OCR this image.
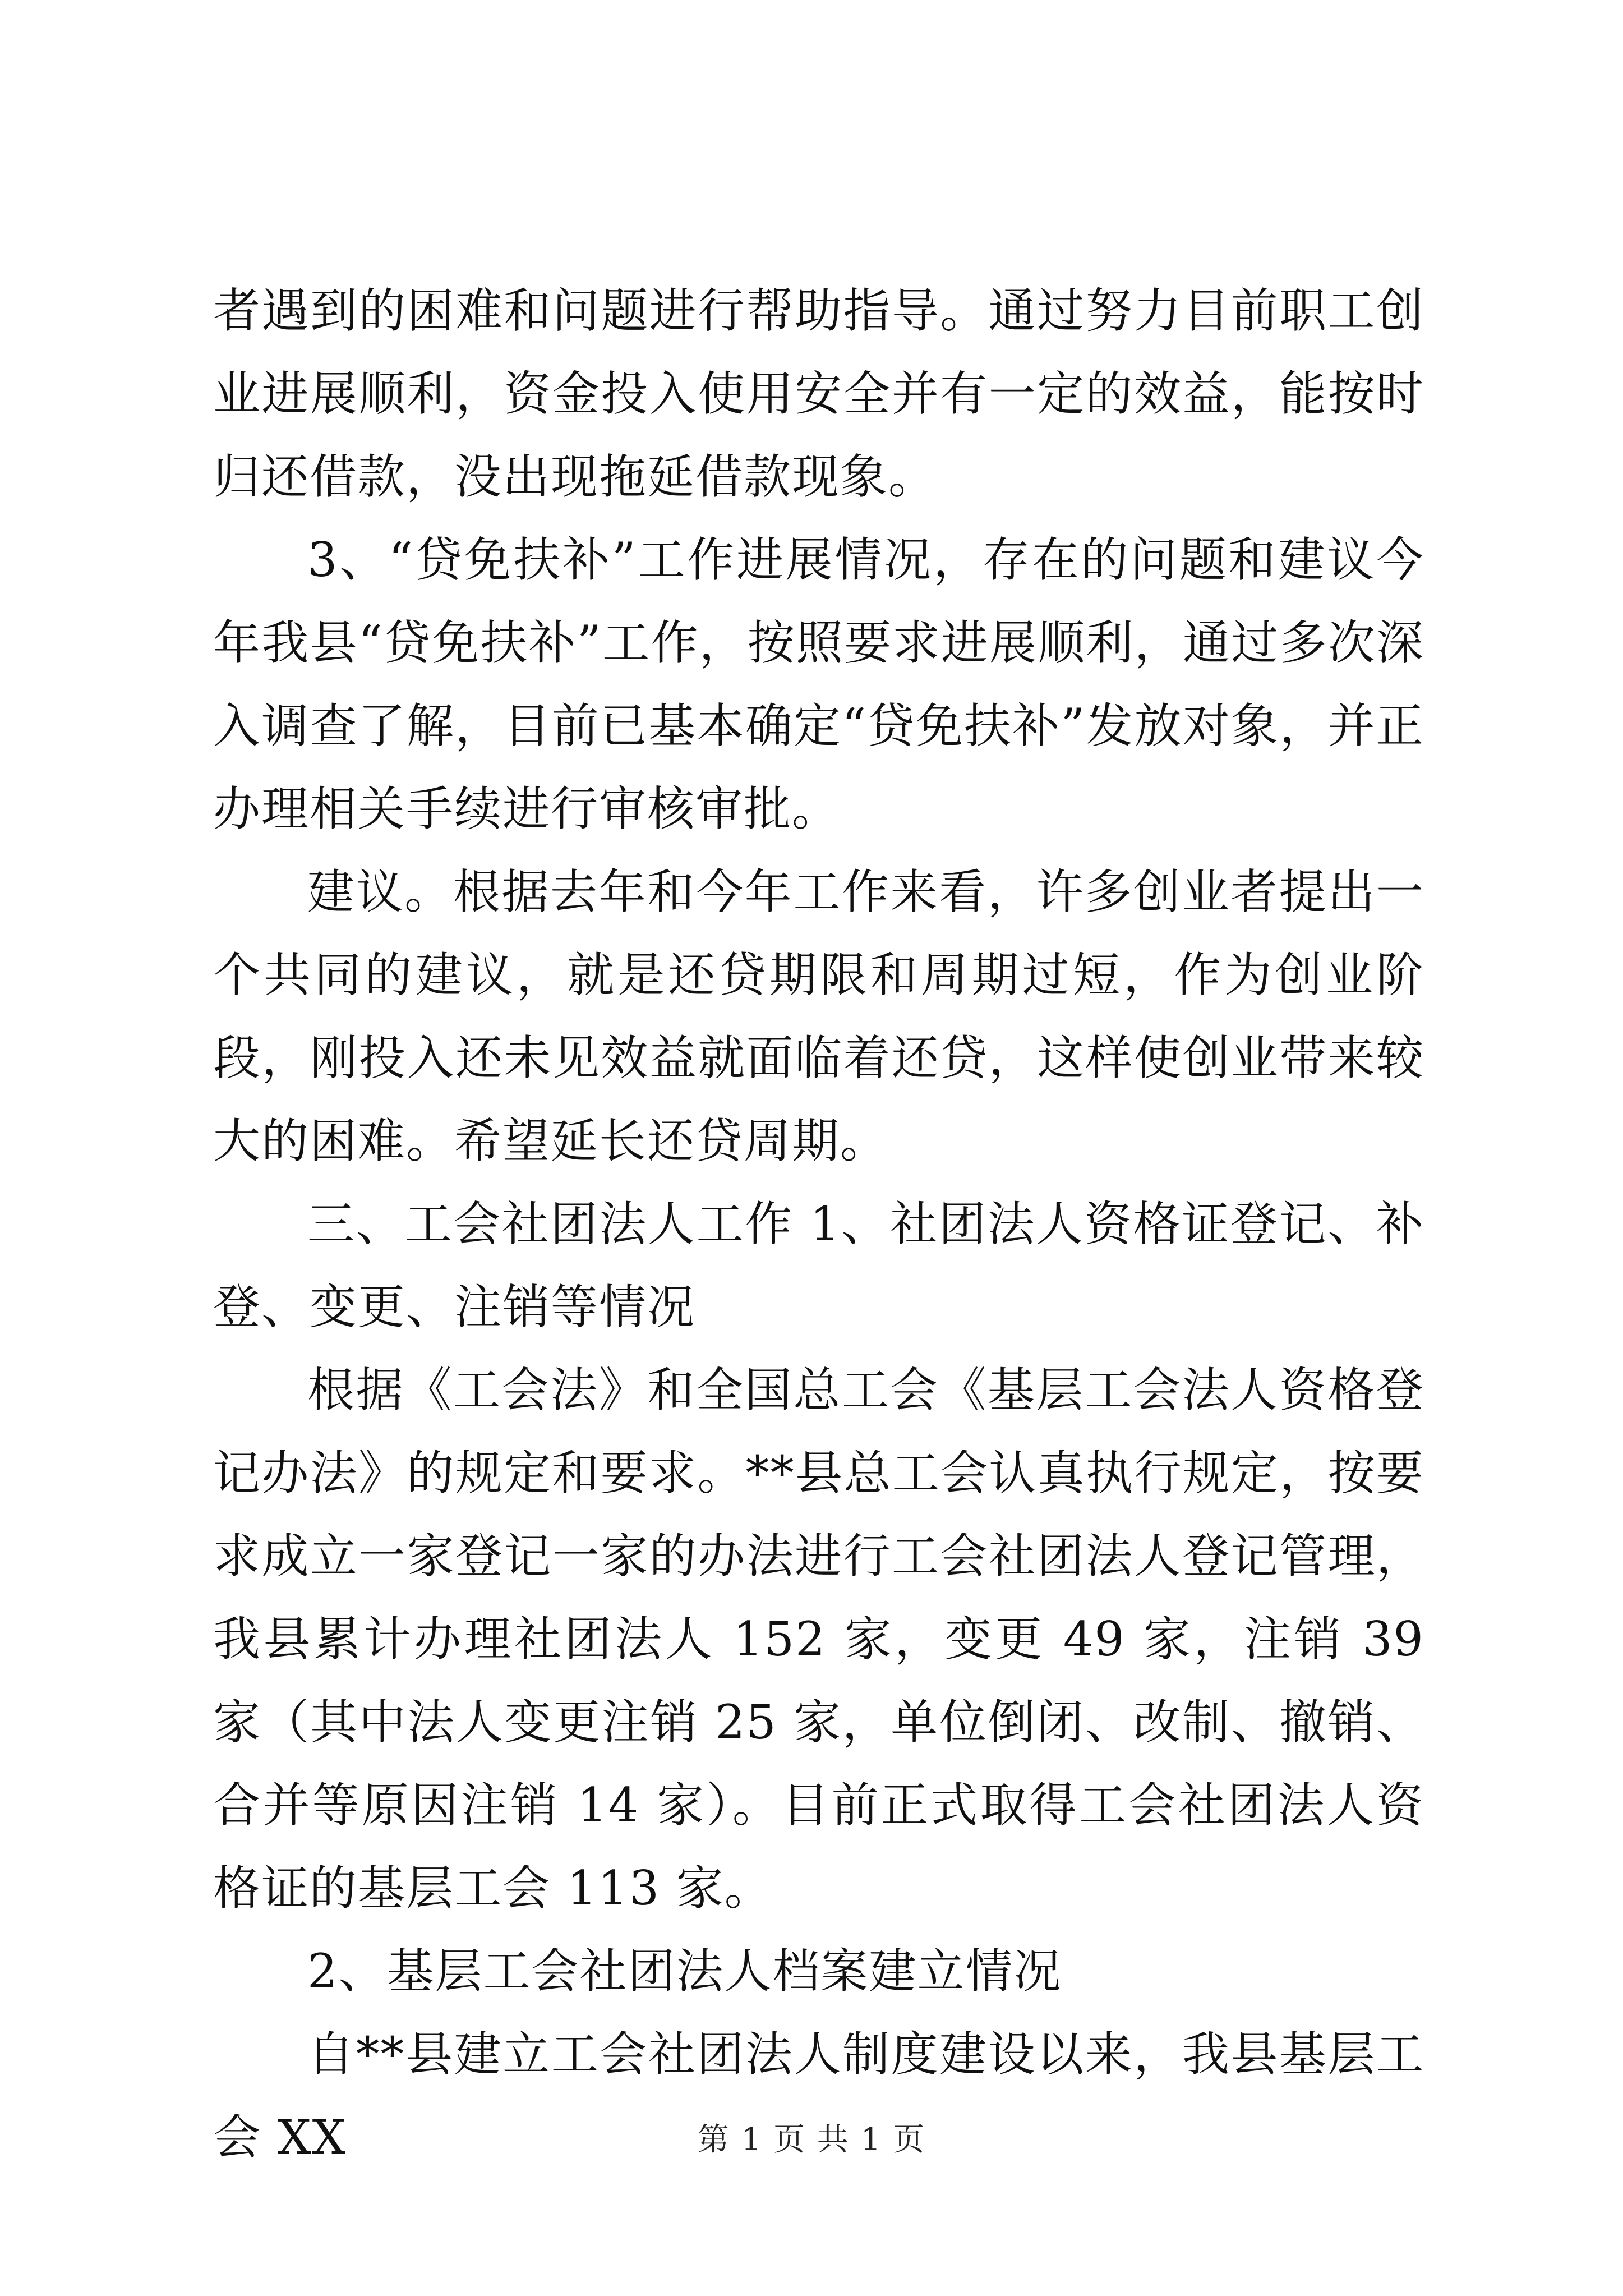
者遇到的困难和问题进行帮助指导。通过努力目前职工创业进展顺利，资金投入使用安全并有一定的效益，能按时归还借款，没出现拖延借款现象。

3、“贷免扶补”工作进展情况，存在的问题和建议今年我县“贷免扶补”工作，按照要求进展顺利，通过多次深入调查了解，目前已基本确定“贷免扶补”发放对象，并正办理相关手续进行审核审批。

建议。根据去年和今年工作来看，许多创业者提出一个共同的建议，就是还贷期限和周期过短，作为创业阶段，刚投入还未见效益就面临着还贷，这样使创业带来较大的困难。希望延长还贷周期。

三、工会社团法人工作 1、社团法人资格证登记、补登、变更、注销等情况

根据《工会法》和全国总工会《基层工会法人资格登记办法》的规定和要求。**县总工会认真执行规定，按要求成立一家登记一家的办法进行工会社团法人登记管理，我县累计办理社团法人 152 家，变更 49 家，注销 39 家（其中法人变更注销 25 家，单位倒闭、改制、撤销、合并等原因注销 14 家）。目前正式取得工会社团法人资格证的基层工会 113 家。

2、基层工会社团法人档案建立情况

自**县建立工会社团法人制度建设以来，我县基层工会 XX	第 1 页 共 1 页
